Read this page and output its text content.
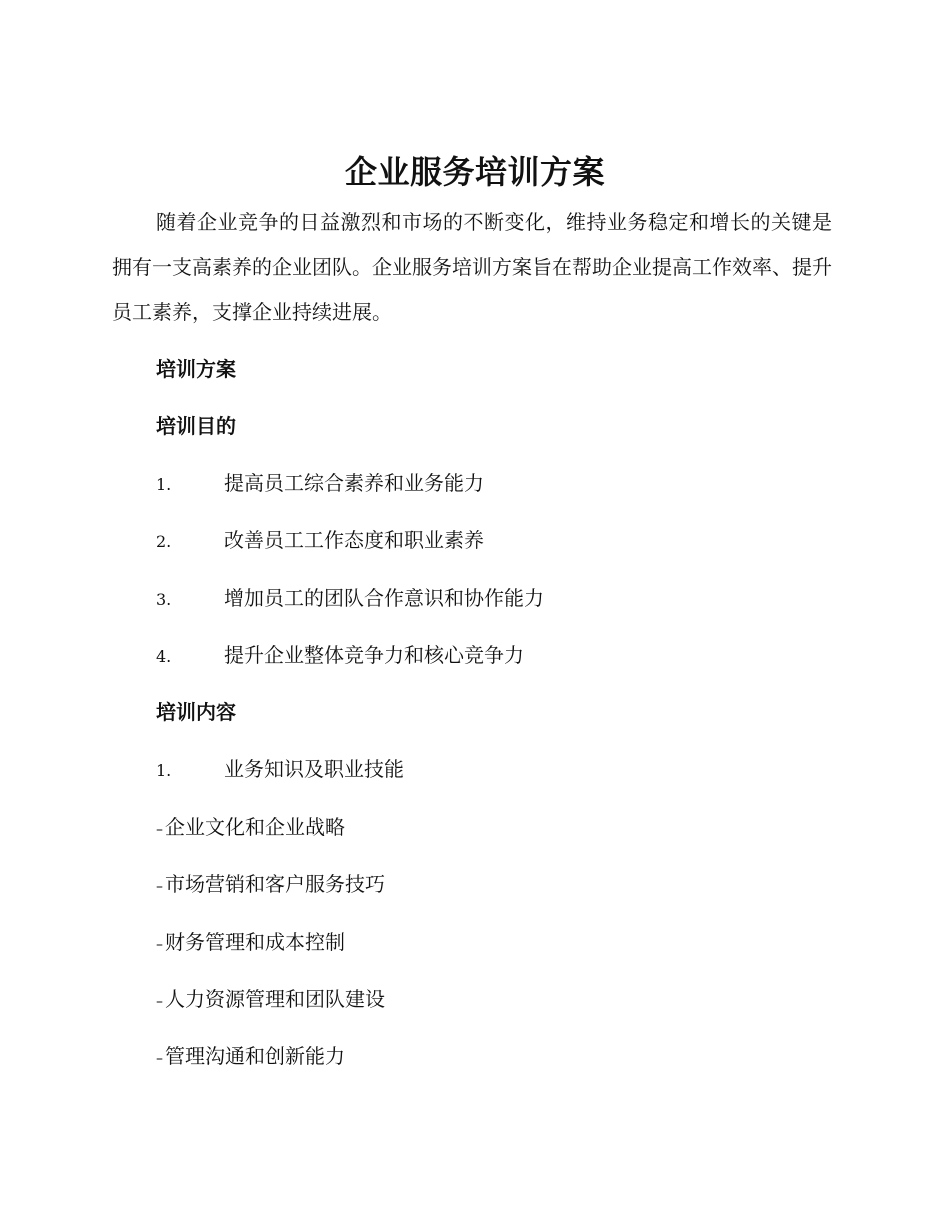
企业服务培训方案

随着企业竞争的日益激烈和市场的不断变化，维持业务稳定和增长的关键是拥有一支高素养的企业团队。企业服务培训方案旨在帮助企业提高工作效率、提升员工素养，支撑企业持续进展。

培训方案
培训目的
1.	提高员工综合素养和业务能力
2.	改善员工工作态度和职业素养
3.	增加员工的团队合作意识和协作能力
4.	提升企业整体竞争力和核心竞争力
培训内容
1.	业务知识及职业技能
– 企业文化和企业战略
– 市场营销和客户服务技巧
– 财务管理和成本控制
– 人力资源管理和团队建设
– 管理沟通和创新能力
